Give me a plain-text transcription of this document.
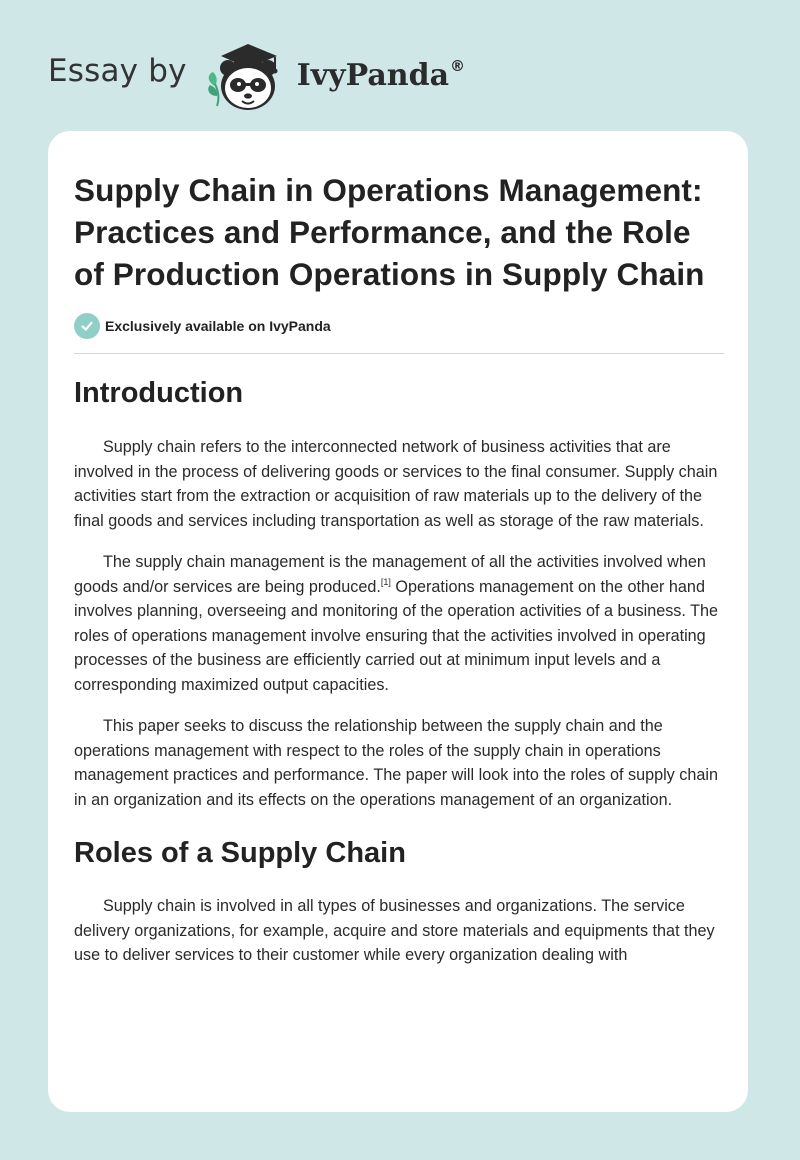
Essay by	IvyPanda®
Supply Chain in Operations Management: Practices and Performance, and the Role of Production Operations in Supply Chain
Exclusively available on IvyPanda
Introduction

Supply chain refers to the interconnected network of business activities that are involved in the process of delivering goods or services to the final consumer. Supply chain activities start from the extraction or acquisition of raw materials up to the delivery of the final goods and services including transportation as well as storage of the raw materials.

The supply chain management is the management of all the activities involved when goods and/or services are being produced.[1] Operations management on the other hand involves planning, overseeing and monitoring of the operation activities of a business. The roles of operations management involve ensuring that the activities involved in operating processes of the business are efficiently carried out at minimum input levels and a corresponding maximized output capacities.

This paper seeks to discuss the relationship between the supply chain and the operations management with respect to the roles of the supply chain in operations management practices and performance. The paper will look into the roles of supply chain in an organization and its effects on the operations management of an organization.

Roles of a Supply Chain

Supply chain is involved in all types of businesses and organizations. The service delivery organizations, for example, acquire and store materials and equipments that they use to deliver services to their customer while every organization dealing with
